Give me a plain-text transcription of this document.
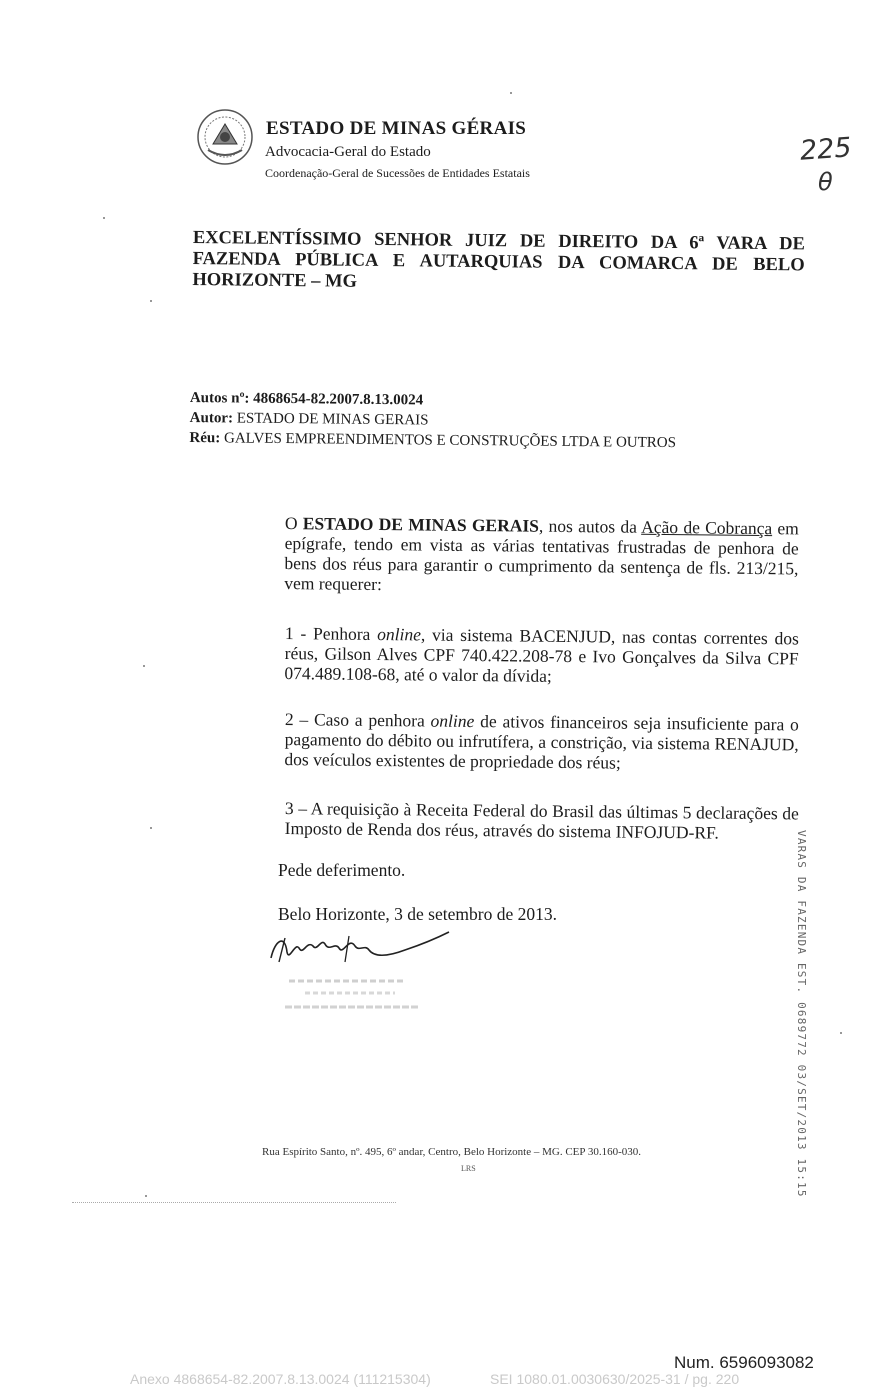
ESTADO DE MINAS GÉRAIS
Advocacia-Geral do Estado
Coordenação-Geral de Sucessões de Entidades Estatais
225
θ
EXCELENTÍSSIMO SENHOR JUIZ DE DIREITO DA 6ª VARA DE
FAZENDA PÚBLICA E AUTARQUIAS DA COMARCA DE BELO
HORIZONTE – MG
Autos nº: 4868654-82.2007.8.13.0024
Autor: ESTADO DE MINAS GERAIS
Réu: GALVES EMPREENDIMENTOS E CONSTRUÇÕES LTDA E OUTROS

O ESTADO DE MINAS GERAIS, nos autos da Ação de Cobrança em epígrafe, tendo em vista as várias tentativas frustradas de penhora de bens dos réus para garantir o cumprimento da sentença de fls. 213/215, vem requerer:

1 - Penhora online, via sistema BACENJUD, nas contas correntes dos réus, Gilson Alves CPF 740.422.208-78 e Ivo Gonçalves da Silva CPF 074.489.108-68, até o valor da dívida;

2 – Caso a penhora online de ativos financeiros seja insuficiente para o pagamento do débito ou infrutífera, a constrição, via sistema RENAJUD, dos veículos existentes de propriedade dos réus;

3 – A requisição à Receita Federal do Brasil das últimas 5 declarações de Imposto de Renda dos réus, através do sistema INFOJUD-RF.

Pede deferimento.
Belo Horizonte, 3 de setembro de 2013.	VARAS DA FAZENDA EST. 0689772 03/SET/2013 15:15
Rua Espírito Santo, nº. 495, 6º andar, Centro, Belo Horizonte – MG. CEP 30.160-030.
LRS
Num. 6596093082
Anexo 4868654-82.2007.8.13.0024 (111215304)	SEI 1080.01.0030630/2025-31 / pg. 220
